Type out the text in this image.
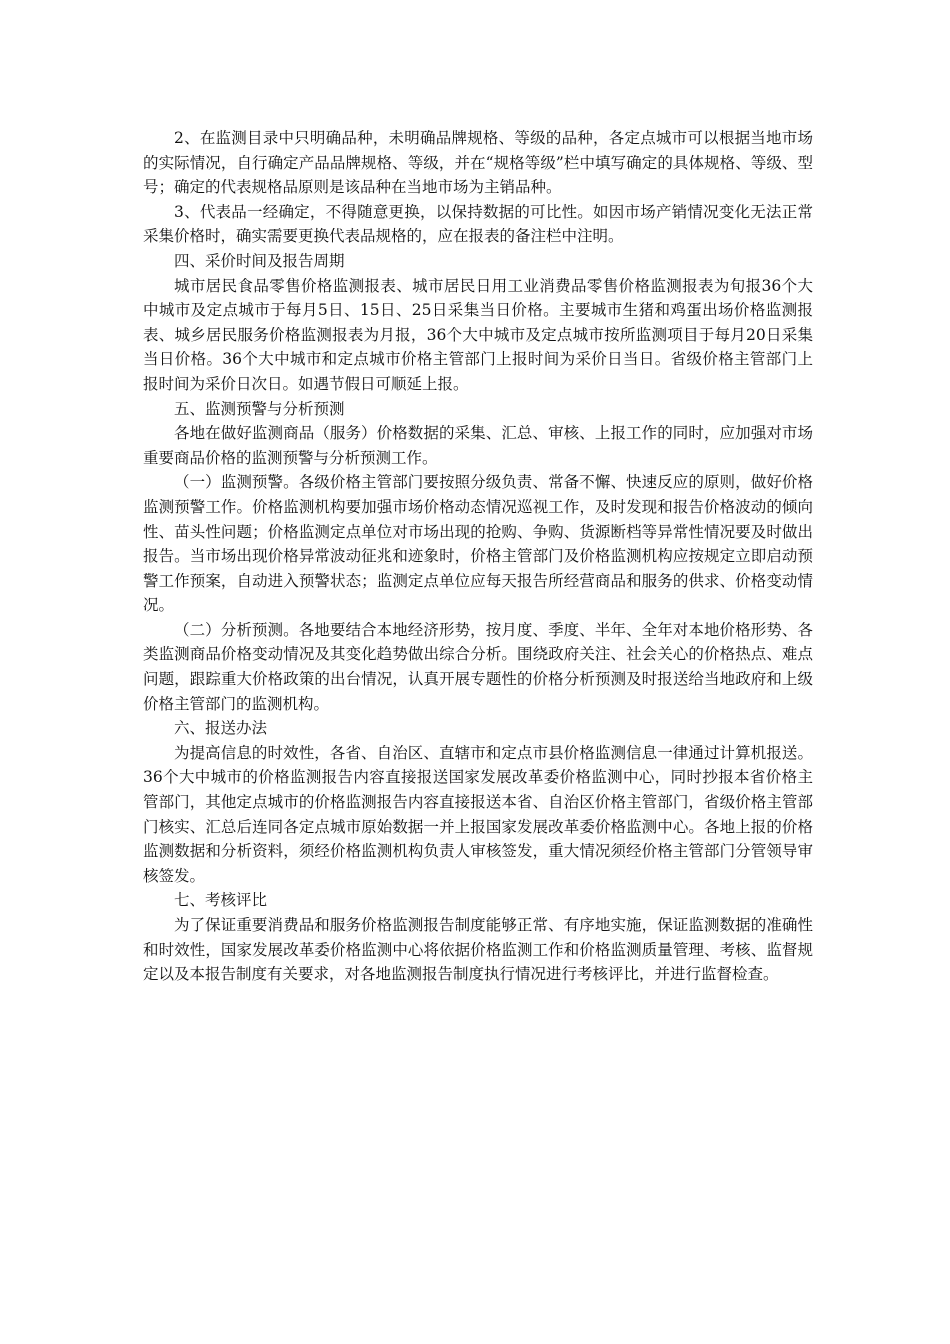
2、在监测目录中只明确品种，未明确品牌规格、等级的品种，各定点城市可以根据当地市场的实际情况，自行确定产品品牌规格、等级，并在“规格等级”栏中填写确定的具体规格、等级、型号；确定的代表规格品原则是该品种在当地市场为主销品种。

3、代表品一经确定，不得随意更换，以保持数据的可比性。如因市场产销情况变化无法正常采集价格时，确实需要更换代表品规格的，应在报表的备注栏中注明。

四、采价时间及报告周期

城市居民食品零售价格监测报表、城市居民日用工业消费品零售价格监测报表为旬报36个大中城市及定点城市于每月5日、15日、25日采集当日价格。主要城市生猪和鸡蛋出场价格监测报表、城乡居民服务价格监测报表为月报，36个大中城市及定点城市按所监测项目于每月20日采集当日价格。36个大中城市和定点城市价格主管部门上报时间为采价日当日。省级价格主管部门上报时间为采价日次日。如遇节假日可顺延上报。

五、监测预警与分析预测

各地在做好监测商品（服务）价格数据的采集、汇总、审核、上报工作的同时，应加强对市场重要商品价格的监测预警与分析预测工作。

（一）监测预警。各级价格主管部门要按照分级负责、常备不懈、快速反应的原则，做好价格监测预警工作。价格监测机构要加强市场价格动态情况巡视工作，及时发现和报告价格波动的倾向性、苗头性问题；价格监测定点单位对市场出现的抢购、争购、货源断档等异常性情况要及时做出报告。当市场出现价格异常波动征兆和迹象时，价格主管部门及价格监测机构应按规定立即启动预警工作预案，自动进入预警状态；监测定点单位应每天报告所经营商品和服务的供求、价格变动情况。

（二）分析预测。各地要结合本地经济形势，按月度、季度、半年、全年对本地价格形势、各类监测商品价格变动情况及其变化趋势做出综合分析。围绕政府关注、社会关心的价格热点、难点问题，跟踪重大价格政策的出台情况，认真开展专题性的价格分析预测及时报送给当地政府和上级价格主管部门的监测机构。

六、报送办法

为提高信息的时效性，各省、自治区、直辖市和定点市县价格监测信息一律通过计算机报送。36个大中城市的价格监测报告内容直接报送国家发展改革委价格监测中心，同时抄报本省价格主管部门，其他定点城市的价格监测报告内容直接报送本省、自治区价格主管部门，省级价格主管部门核实、汇总后连同各定点城市原始数据一并上报国家发展改革委价格监测中心。各地上报的价格监测数据和分析资料，须经价格监测机构负责人审核签发，重大情况须经价格主管部门分管领导审核签发。

七、考核评比

为了保证重要消费品和服务价格监测报告制度能够正常、有序地实施，保证监测数据的准确性和时效性，国家发展改革委价格监测中心将依据价格监测工作和价格监测质量管理、考核、监督规定以及本报告制度有关要求，对各地监测报告制度执行情况进行考核评比，并进行监督检查。
